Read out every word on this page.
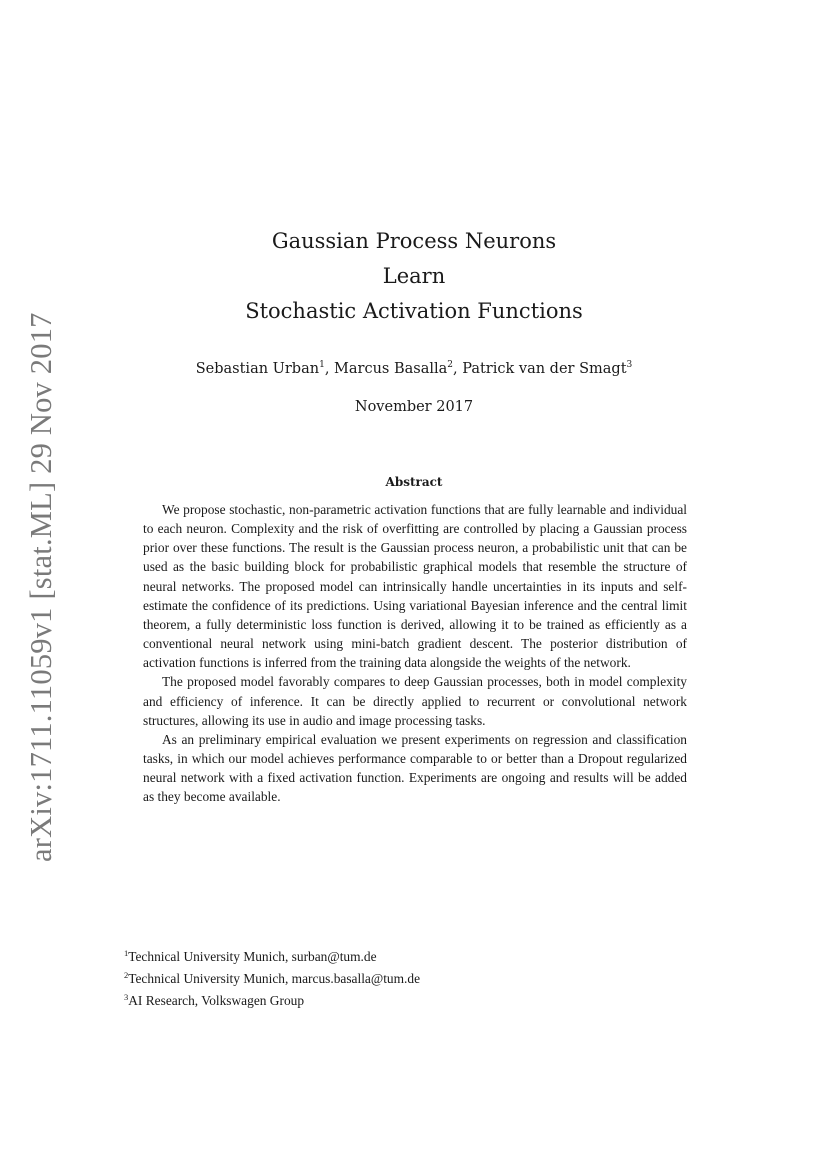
arXiv:1711.11059v1 [stat.ML] 29 Nov 2017
Gaussian Process Neurons
Learn
Stochastic Activation Functions
Sebastian Urban$^1$, Marcus Basalla$^2$, Patrick van der Smagt$^3$
November 2017
Abstract

We propose stochastic, non-parametric activation functions that are fully learnable and individual to each neuron. Complexity and the risk of overfitting are controlled by placing a Gaussian process prior over these functions. The result is the Gaussian process neuron, a probabilistic unit that can be used as the basic building block for probabilistic graphical models that resemble the structure of neural networks. The proposed model can intrinsically handle uncertainties in its inputs and self-estimate the confidence of its predictions. Using variational Bayesian inference and the central limit theorem, a fully deterministic loss function is derived, allowing it to be trained as efficiently as a conventional neural network using mini-batch gradient descent. The posterior distribution of activation functions is inferred from the training data alongside the weights of the network.

The proposed model favorably compares to deep Gaussian processes, both in model complexity and efficiency of inference. It can be directly applied to recurrent or convolutional network structures, allowing its use in audio and image processing tasks.

As an preliminary empirical evaluation we present experiments on regression and classification tasks, in which our model achieves performance comparable to or better than a Dropout regularized neural network with a fixed activation function. Experiments are ongoing and results will be added as they become available.

$^1$Technical University Munich, surban@tum.de
$^2$Technical University Munich, marcus.basalla@tum.de
$^3$AI Research, Volkswagen Group
